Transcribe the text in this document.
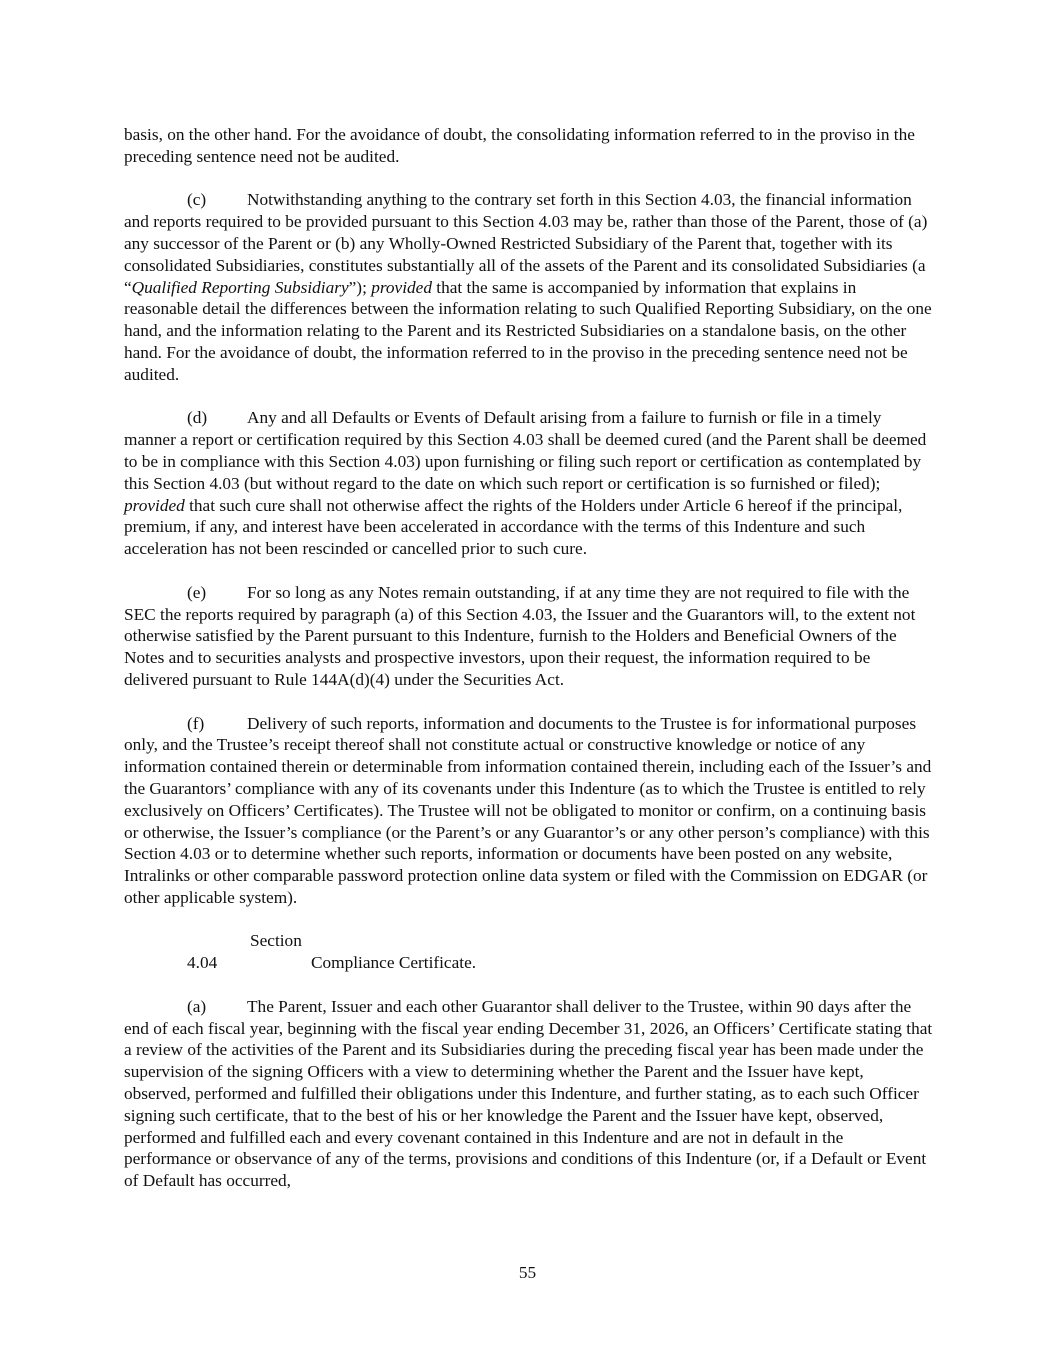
basis, on the other hand. For the avoidance of doubt, the consolidating information referred to in the proviso in the preceding sentence need not be audited.

(c) Notwithstanding anything to the contrary set forth in this Section 4.03, the financial information and reports required to be provided pursuant to this Section 4.03 may be, rather than those of the Parent, those of (a) any successor of the Parent or (b) any Wholly-Owned Restricted Subsidiary of the Parent that, together with its consolidated Subsidiaries, constitutes substantially all of the assets of the Parent and its consolidated Subsidiaries (a “Qualified Reporting Subsidiary”); provided that the same is accompanied by information that explains in reasonable detail the differences between the information relating to such Qualified Reporting Subsidiary, on the one hand, and the information relating to the Parent and its Restricted Subsidiaries on a standalone basis, on the other hand. For the avoidance of doubt, the information referred to in the proviso in the preceding sentence need not be audited.

(d) Any and all Defaults or Events of Default arising from a failure to furnish or file in a timely manner a report or certification required by this Section 4.03 shall be deemed cured (and the Parent shall be deemed to be in compliance with this Section 4.03) upon furnishing or filing such report or certification as contemplated by this Section 4.03 (but without regard to the date on which such report or certification is so furnished or filed); provided that such cure shall not otherwise affect the rights of the Holders under Article 6 hereof if the principal, premium, if any, and interest have been accelerated in accordance with the terms of this Indenture and such acceleration has not been rescinded or cancelled prior to such cure.

(e) For so long as any Notes remain outstanding, if at any time they are not required to file with the SEC the reports required by paragraph (a) of this Section 4.03, the Issuer and the Guarantors will, to the extent not otherwise satisfied by the Parent pursuant to this Indenture, furnish to the Holders and Beneficial Owners of the Notes and to securities analysts and prospective investors, upon their request, the information required to be delivered pursuant to Rule 144A(d)(4) under the Securities Act.

(f) Delivery of such reports, information and documents to the Trustee is for informational purposes only, and the Trustee’s receipt thereof shall not constitute actual or constructive knowledge or notice of any information contained therein or determinable from information contained therein, including each of the Issuer’s and the Guarantors’ compliance with any of its covenants under this Indenture (as to which the Trustee is entitled to rely exclusively on Officers’ Certificates). The Trustee will not be obligated to monitor or confirm, on a continuing basis or otherwise, the Issuer’s compliance (or the Parent’s or any Guarantor’s or any other person’s compliance) with this Section 4.03 or to determine whether such reports, information or documents have been posted on any website, Intralinks or other comparable password protection online data system or filed with the Commission on EDGAR (or other applicable system).

Section 4.04	Compliance Certificate.

(a) The Parent, Issuer and each other Guarantor shall deliver to the Trustee, within 90 days after the end of each fiscal year, beginning with the fiscal year ending December 31, 2026, an Officers’ Certificate stating that a review of the activities of the Parent and its Subsidiaries during the preceding fiscal year has been made under the supervision of the signing Officers with a view to determining whether the Parent and the Issuer have kept, observed, performed and fulfilled their obligations under this Indenture, and further stating, as to each such Officer signing such certificate, that to the best of his or her knowledge the Parent and the Issuer have kept, observed, performed and fulfilled each and every covenant contained in this Indenture and are not in default in the performance or observance of any of the terms, provisions and conditions of this Indenture (or, if a Default or Event of Default has occurred,

55
